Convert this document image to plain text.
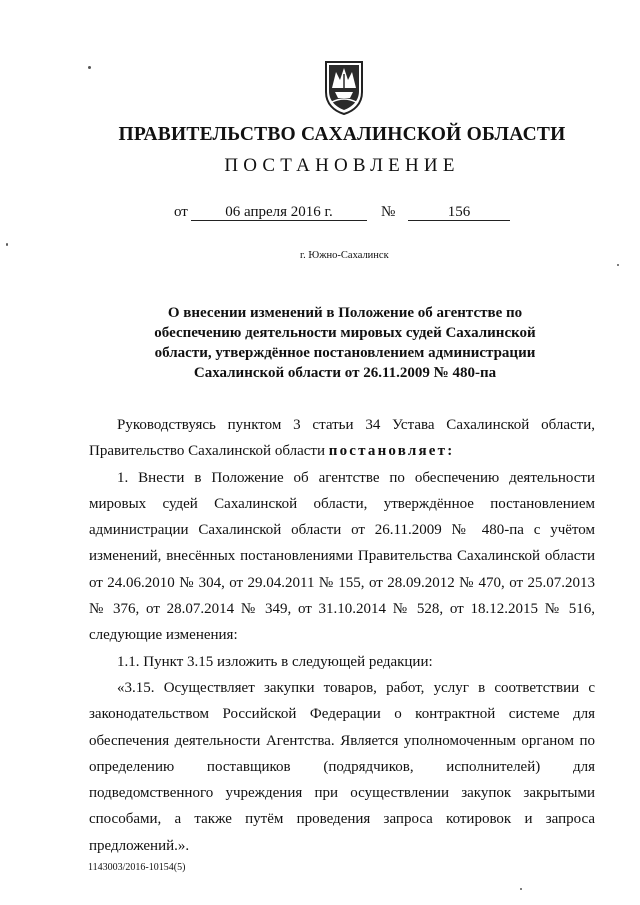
ПРАВИТЕЛЬСТВО САХАЛИНСКОЙ ОБЛАСТИ
ПОСТАНОВЛЕНИЕ
от	06 апреля 2016 г.	№	156
г. Южно-Сахалинск
О внесении изменений в Положение об агентстве по обеспечению деятельности мировых судей Сахалинской области, утверждённое постановлением администрации Сахалинской области от 26.11.2009 № 480-па

Руководствуясь пунктом 3 статьи 34 Устава Сахалинской области, Правительство Сахалинской области постановляет:

1. Внести в Положение об агентстве по обеспечению деятельности мировых судей Сахалинской области, утверждённое постановлением администрации Сахалинской области от 26.11.2009 № 480-па с учётом изменений, внесённых постановлениями Правительства Сахалинской области от 24.06.2010 № 304, от 29.04.2011 № 155, от 28.09.2012 № 470, от 25.07.2013 № 376, от 28.07.2014 № 349, от 31.10.2014 № 528, от 18.12.2015 № 516, следующие изменения:

1.1. Пункт 3.15 изложить в следующей редакции:

«3.15. Осуществляет закупки товаров, работ, услуг в соответствии с законодательством Российской Федерации о контрактной системе для обеспечения деятельности Агентства. Является уполномоченным органом по определению поставщиков (подрядчиков, исполнителей) для подведомственного учреждения при осуществлении закупок закрытыми способами, а также путём проведения запроса котировок и запроса предложений.».

1143003/2016-10154(5)
